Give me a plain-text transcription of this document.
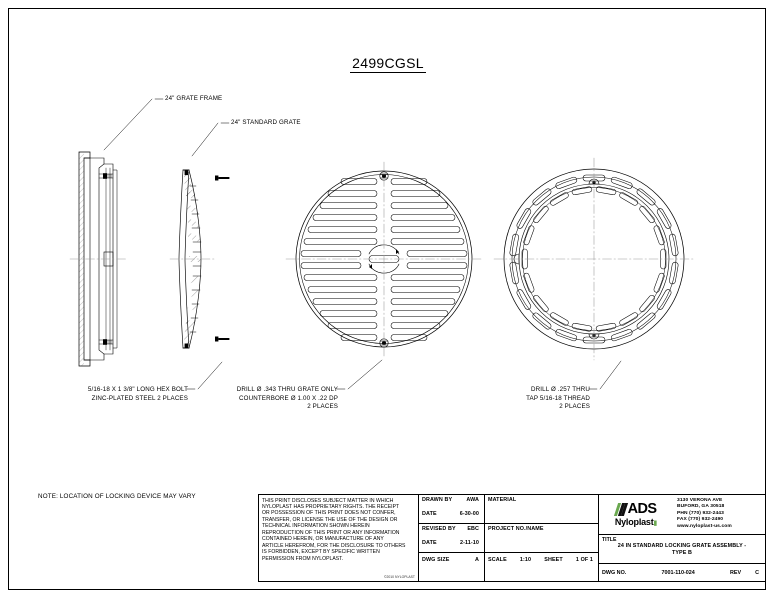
2499CGSL
24" GRATE FRAME
24" STANDARD GRATE
5/16-18 X 1 3/8" LONG HEX BOLT
ZINC-PLATED STEEL 2 PLACES
DRILL Ø .343 THRU GRATE ONLY
COUNTERBORE Ø 1.00 X .22 DP
2 PLACES
DRILL Ø .257 THRU
TAP 5/16-18 THREAD
2 PLACES
NOTE: LOCATION OF LOCKING DEVICE MAY VARY

THIS PRINT DISCLOSES SUBJECT MATTER IN WHICH

NYLOPLAST HAS PROPRIETARY RIGHTS. THE RECEIPT

OR POSSESSION OF THIS PRINT DOES NOT CONFER,

TRANSFER, OR LICENSE THE USE OF THE DESIGN OR

TECHNICAL INFORMATION SHOWN HEREIN

REPRODUCTION OF THIS PRINT OR ANY INFORMATION

CONTAINED HEREIN, OR MANUFACTURE OF ANY

ARTICLE HEREFROM, FOR THE DISCLOSURE TO OTHERS

IS FORBIDDEN, EXCEPT BY SPECIFIC WRITTEN

PERMISSION FROM NYLOPLAST.

©2010 NYLOPLAST
DRAWN BY	AWA
DATE	6-30-00
MATERIAL
REVISED BY EBC
DATE	2-11-10
PROJECT NO./NAME
DWG SIZE	A	SCALE 1:10 SHEET 1 OF 1
ADS
Nyloplast▮
3130 VERONA AVE
BUFORD, GA 30518
PHN (770) 932-2443
FAX (770) 932-2490
www.nyloplast-us.com
TITLE
24 IN STANDARD LOCKING GRATE ASSEMBLY -
TYPE B
DWG NO.	7001-110-024	REV	C
